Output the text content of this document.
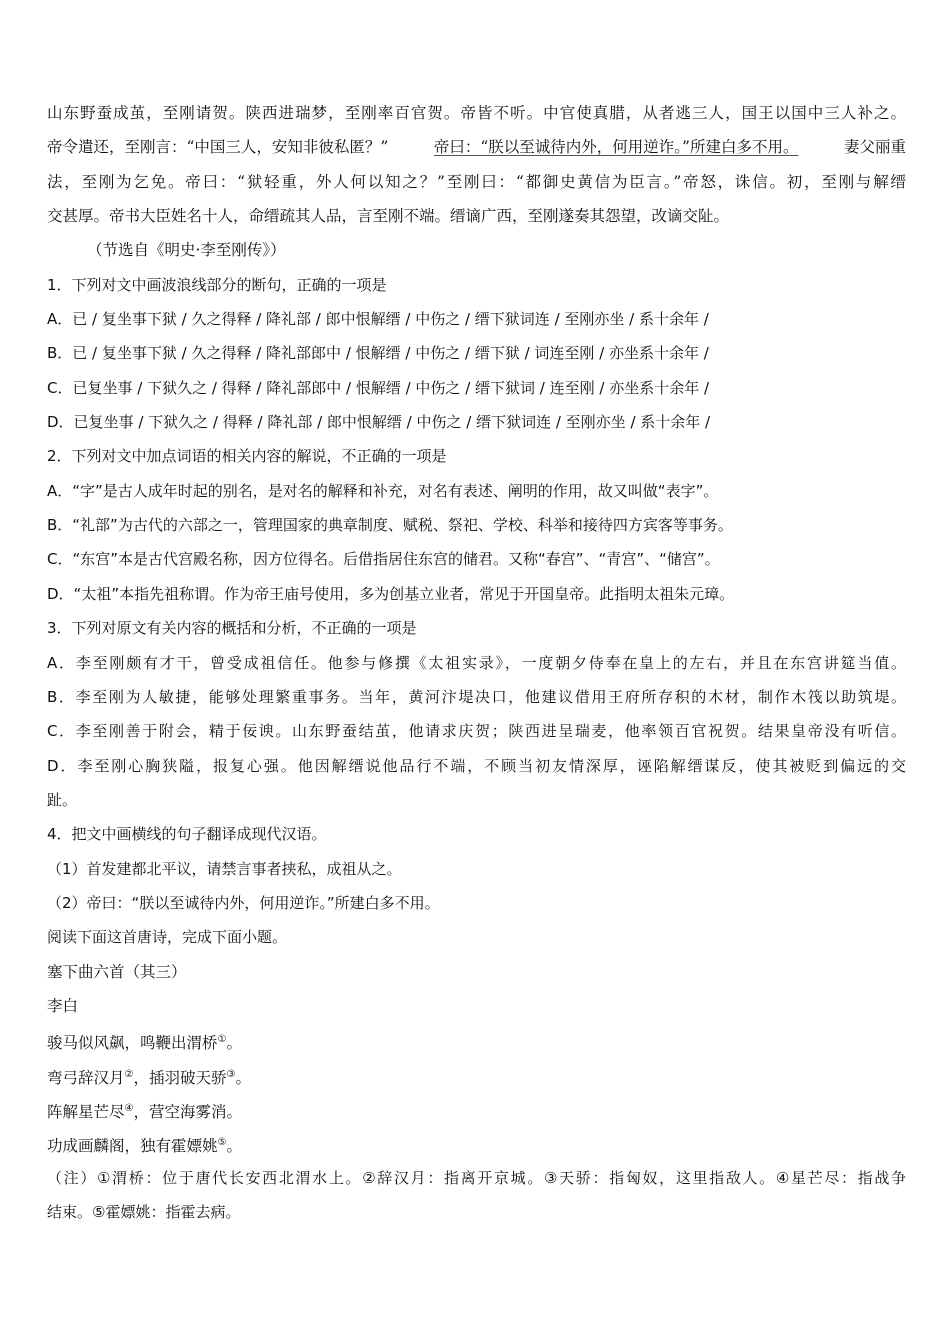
山东野蚕成茧，至刚请贺。陕西进瑞梦，至刚率百官贺。帝皆不听。中官使真腊，从者逃三人，国王以国中三人补之。
帝令遣还，至刚言：“中国三人，安知非彼私匿？”	帝曰：“朕以至诚待内外，何用逆诈。”所建白多不用。	妻父丽重
法，至刚为乞免。帝曰：“狱轻重，外人何以知之？”至刚曰：“都御史黄信为臣言。”帝怒，诛信。初，至刚与解缙
交甚厚。帝书大臣姓名十人，命缙疏其人品，言至刚不端。缙谪广西，至刚遂奏其怨望，改谪交阯。
（节选自《明史·李至刚传》）
1．下列对文中画波浪线部分的断句，正确的一项是
A．已 / 复坐事下狱 / 久之得释 / 降礼部 / 郎中恨解缙 / 中伤之 / 缙下狱词连 / 至刚亦坐 / 系十余年 /
B．已 / 复坐事下狱 / 久之得释 / 降礼部郎中 / 恨解缙 / 中伤之 / 缙下狱 / 词连至刚 / 亦坐系十余年 /
C．已复坐事 / 下狱久之 / 得释 / 降礼部郎中 / 恨解缙 / 中伤之 / 缙下狱词 / 连至刚 / 亦坐系十余年 /
D．已复坐事 / 下狱久之 / 得释 / 降礼部 / 郎中恨解缙 / 中伤之 / 缙下狱词连 / 至刚亦坐 / 系十余年 /
2．下列对文中加点词语的相关内容的解说，不正确的一项是
A．“字”是古人成年时起的别名，是对名的解释和补充，对名有表述、阐明的作用，故又叫做“表字”。
B．“礼部”为古代的六部之一，管理国家的典章制度、赋税、祭祀、学校、科举和接待四方宾客等事务。
C．“东宫”本是古代宫殿名称，因方位得名。后借指居住东宫的储君。又称“春宫”、“青宫”、“储宫”。
D．“太祖”本指先祖称谓。作为帝王庙号使用，多为创基立业者，常见于开国皇帝。此指明太祖朱元璋。
3．下列对原文有关内容的概括和分析，不正确的一项是
A．李至刚颇有才干，曾受成祖信任。他参与修撰《太祖实录》，一度朝夕侍奉在皇上的左右，并且在东宫讲筵当值。
B．李至刚为人敏捷，能够处理繁重事务。当年，黄河汴堤决口，他建议借用王府所存积的木材，制作木筏以助筑堤。
C．李至刚善于附会，精于佞谀。山东野蚕结茧，他请求庆贺；陕西进呈瑞麦，他率领百官祝贺。结果皇帝没有听信。
D．李至刚心胸狭隘，报复心强。他因解缙说他品行不端，不顾当初友情深厚，诬陷解缙谋反，使其被贬到偏远的交
趾。
4．把文中画横线的句子翻译成现代汉语。
（1）首发建都北平议，请禁言事者挟私，成祖从之。
（2）帝曰：“朕以至诚待内外，何用逆诈。”所建白多不用。
阅读下面这首唐诗，完成下面小题。
塞下曲六首（其三）
李白
骏马似风飙，鸣鞭出渭桥①。
弯弓辞汉月②，插羽破天骄③。
阵解星芒尽④，营空海雾消。
功成画麟阁，独有霍嫖姚⑤。
（注）①渭桥：位于唐代长安西北渭水上。②辞汉月：指离开京城。③天骄：指匈奴，这里指敌人。④星芒尽：指战争
结束。⑤霍嫖姚：指霍去病。
